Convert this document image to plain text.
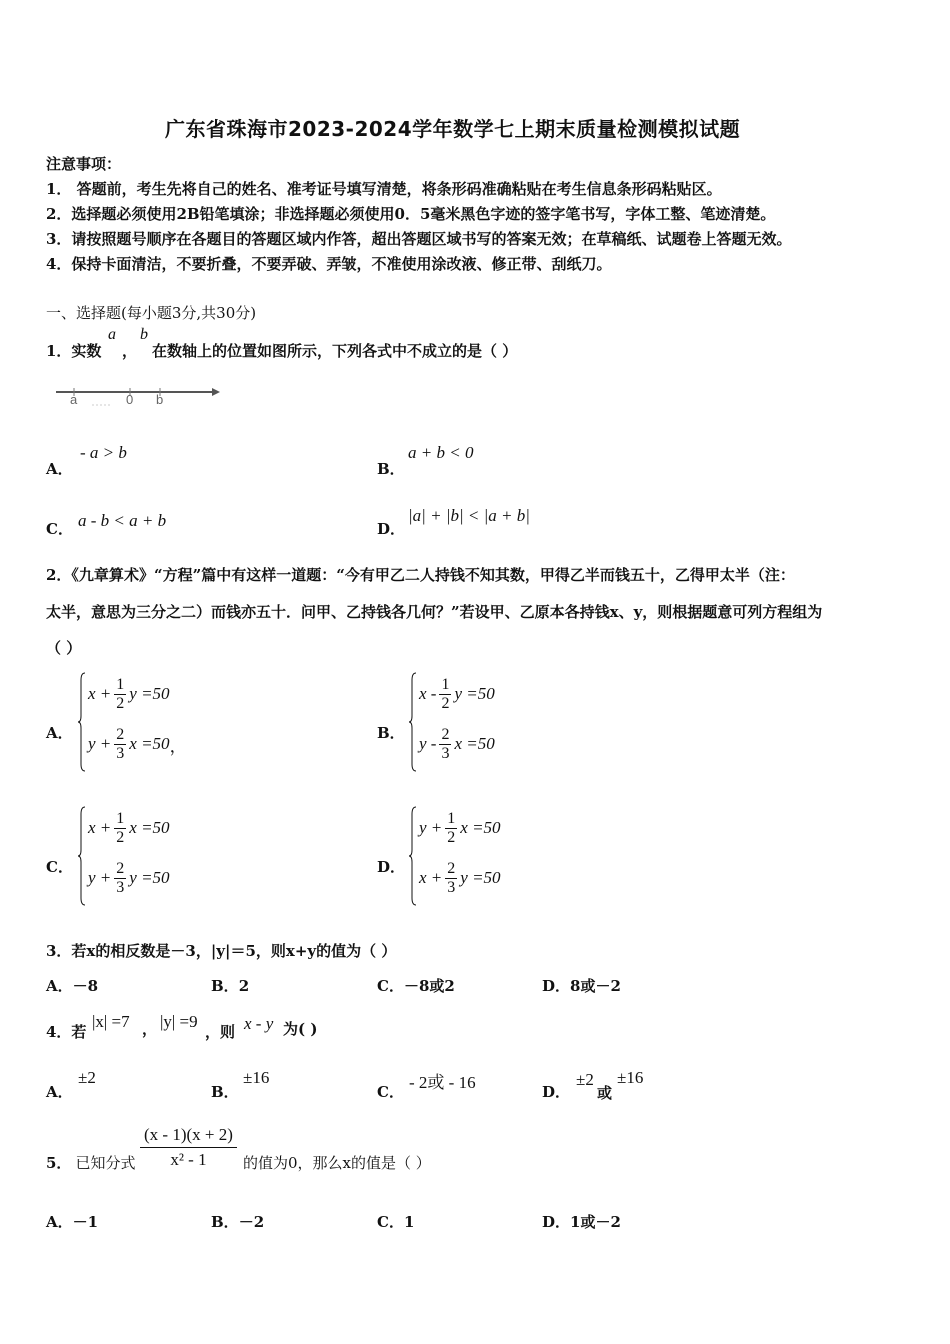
广东省珠海市2023-2024学年数学七上期末质量检测模拟试题
注意事项：
1． 答题前，考生先将自己的姓名、准考证号填写清楚，将条形码准确粘贴在考生信息条形码粘贴区。
2．选择题必须使用2B铅笔填涂；非选择题必须使用0．5毫米黑色字迹的签字笔书写，字体工整、笔迹清楚。
3．请按照题号顺序在各题目的答题区域内作答，超出答题区域书写的答案无效；在草稿纸、试题卷上答题无效。
4．保持卡面清洁，不要折叠，不要弄破、弄皱，不准使用涂改液、修正带、刮纸刀。
一、选择题(每小题3分,共30分)
1．实数
a
，
b
在数轴上的位置如图所示，下列各式中不成立的是（ ）
a	0 b
A．
- a > b
B．
a + b < 0
C． a - b < a + b	D．
|a| + |b| < |a + b|
2．《九章算术》“方程”篇中有这样一道题：“今有甲乙二人持钱不知其数，甲得乙半而钱五十，乙得甲太半（注：
太半，意思为三分之二）而钱亦五十．问甲、乙持钱各几何？”若设甲、乙原本各持钱x、y，则根据题意可列方程组为
（ ）
A．
$x + \frac{1}{2}$ y =50
$y + \frac{2}{3}$ x =50 ，
B．
x - $\frac{1}{2}$ y =50
y - $\frac{2}{3}$ x =50
C．
$x + \frac{1}{2}$ x =50
$y + \frac{2}{3}$ y =50
D．
$y + \frac{1}{2}$ x =50
$x + \frac{2}{3}$ y =50
3．若x的相反数是－3，|y|＝5，则x+y的值为（ ）
A．－8	B．2	C．－8或2	D．8或－2
4．若
|x| =7 ， |y| =9
，则 x - y 为( )
A．
±2
B．
±16
C． - 2或 - 16	D．
±2
或
±16
5． 已知分式 $\frac{(x - 1)(x + 2)}{\text{x² - 1}}$ 的值为0，那么x的值是（ ）
A．－1	B．－2	C．1	D．1或－2
